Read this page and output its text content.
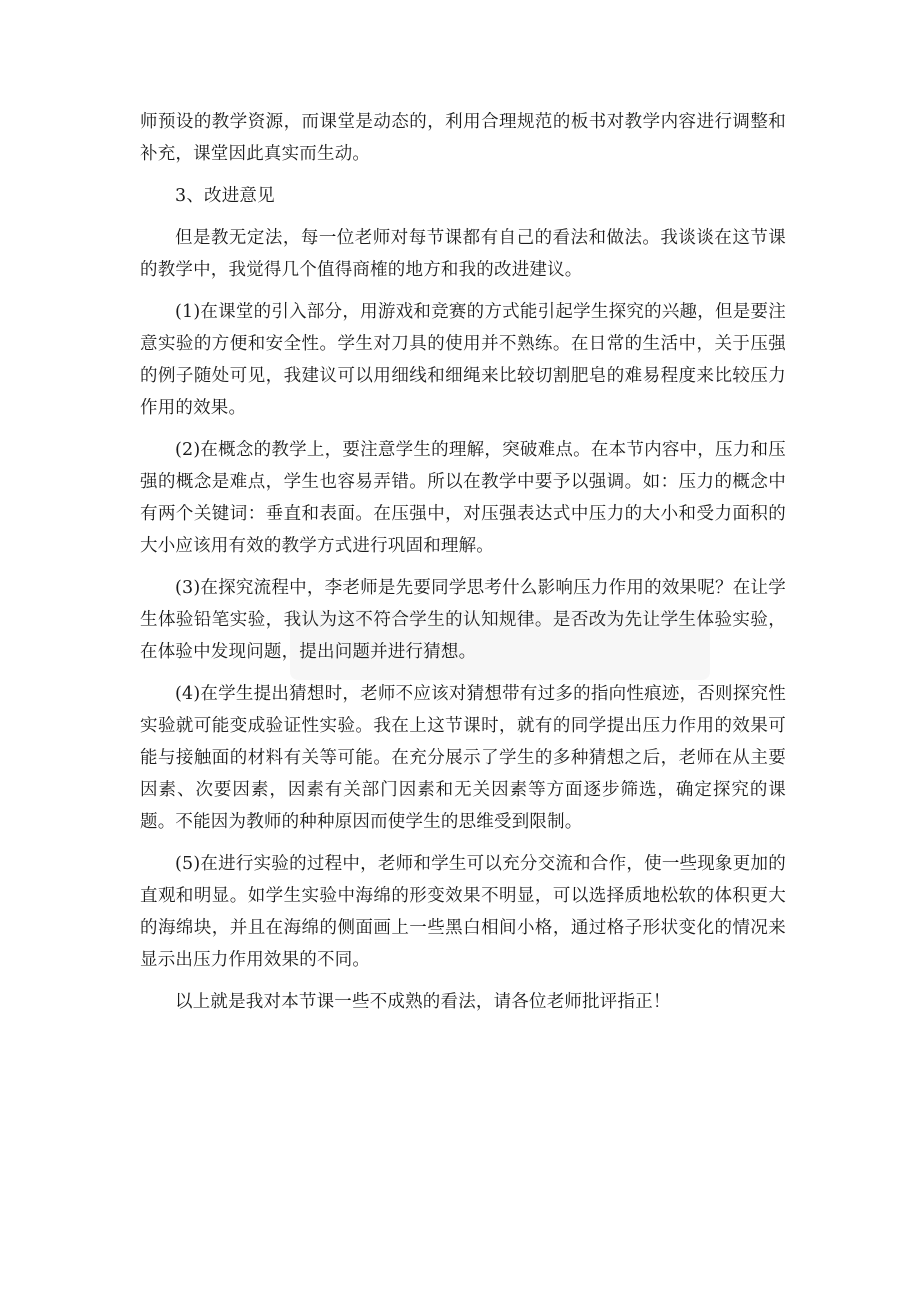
师预设的教学资源，而课堂是动态的，利用合理规范的板书对教学内容进行调整和补充，课堂因此真实而生动。

3、改进意见

但是教无定法，每一位老师对每节课都有自己的看法和做法。我谈谈在这节课的教学中，我觉得几个值得商榷的地方和我的改进建议。

(1)在课堂的引入部分，用游戏和竞赛的方式能引起学生探究的兴趣，但是要注意实验的方便和安全性。学生对刀具的使用并不熟练。在日常的生活中，关于压强的例子随处可见，我建议可以用细线和细绳来比较切割肥皂的难易程度来比较压力作用的效果。

(2)在概念的教学上，要注意学生的理解，突破难点。在本节内容中，压力和压强的概念是难点，学生也容易弄错。所以在教学中要予以强调。如：压力的概念中有两个关键词：垂直和表面。在压强中，对压强表达式中压力的大小和受力面积的大小应该用有效的教学方式进行巩固和理解。

(3)在探究流程中，李老师是先要同学思考什么影响压力作用的效果呢？在让学生体验铅笔实验，我认为这不符合学生的认知规律。是否改为先让学生体验实验，在体验中发现问题，提出问题并进行猜想。

(4)在学生提出猜想时，老师不应该对猜想带有过多的指向性痕迹，否则探究性实验就可能变成验证性实验。我在上这节课时，就有的同学提出压力作用的效果可能与接触面的材料有关等可能。在充分展示了学生的多种猜想之后，老师在从主要因素、次要因素，因素有关部门因素和无关因素等方面逐步筛选，确定探究的课题。不能因为教师的种种原因而使学生的思维受到限制。

(5)在进行实验的过程中，老师和学生可以充分交流和合作，使一些现象更加的直观和明显。如学生实验中海绵的形变效果不明显，可以选择质地松软的体积更大的海绵块，并且在海绵的侧面画上一些黑白相间小格，通过格子形状变化的情况来显示出压力作用效果的不同。

以上就是我对本节课一些不成熟的看法，请各位老师批评指正！
